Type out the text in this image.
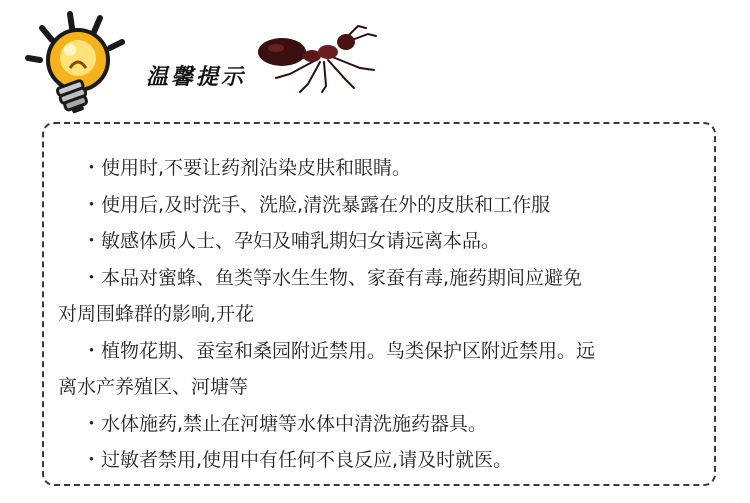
温馨提示
・使用时,不要让药剂沾染皮肤和眼睛。
・使用后,及时洗手、洗脸,清洗暴露在外的皮肤和工作服
・敏感体质人士、孕妇及哺乳期妇女请远离本品。
・本品对蜜蜂、鱼类等水生生物、家蚕有毒,施药期间应避免
对周围蜂群的影响,开花
・植物花期、蚕室和桑园附近禁用。鸟类保护区附近禁用。远
离水产养殖区、河塘等
・水体施药,禁止在河塘等水体中清洗施药器具。
・过敏者禁用,使用中有任何不良反应,请及时就医。
